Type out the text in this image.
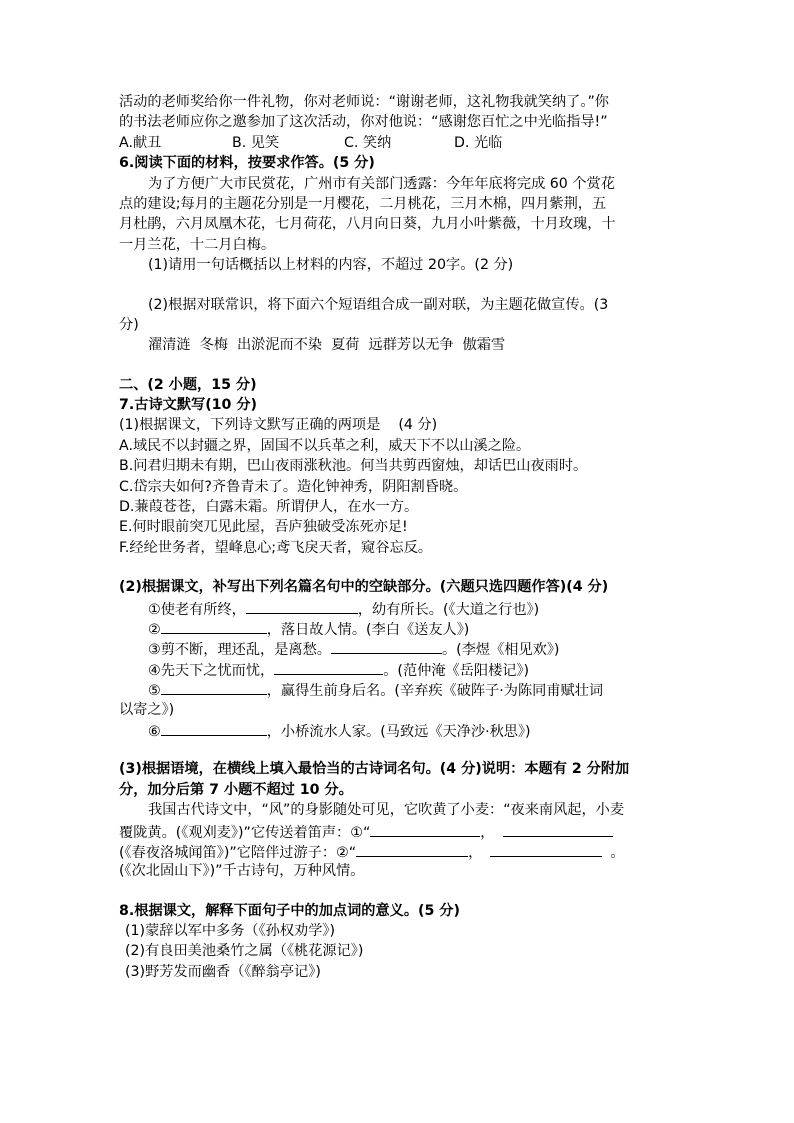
活动的老师奖给你一件礼物，你对老师说：“谢谢老师，这礼物我就笑纳了。”你
的书法老师应你之邀参加了这次活动，你对他说：“感谢您百忙之中光临指导!”
A.献丑	B. 见笑	C. 笑纳	D. 光临
6.阅读下面的材料，按要求作答。(5 分)
为了方便广大市民赏花，广州市有关部门透露：今年年底将完成 60 个赏花
点的建设;每月的主题花分别是一月樱花，二月桃花，三月木棉，四月紫荆，五
月杜鹃，六月凤凰木花，七月荷花，八月向日葵，九月小叶紫薇，十月玫瑰，十
一月兰花，十二月白梅。
(1)请用一句话概括以上材料的内容，不超过 20字。(2 分)
(2)根据对联常识，将下面六个短语组合成一副对联，为主题花做宣传。(3
分)
濯清涟  冬梅  出淤泥而不染  夏荷  远群芳以无争  傲霜雪
二、(2 小题，15 分)
7.古诗文默写(10 分)
(1)根据课文，下列诗文默写正确的两项是    (4 分)
A.域民不以封疆之界，固国不以兵革之利，威天下不以山溪之险。
B.问君归期未有期，巴山夜雨涨秋池。何当共剪西窗烛，却话巴山夜雨时。
C.岱宗夫如何?齐鲁青未了。造化钟神秀，阴阳割昏晓。
D.蒹葭苍苍，白露未霜。所谓伊人，在水一方。
E.何时眼前突兀见此屋，吾庐独破受冻死亦足!
F.经纶世务者，望峰息心;鸢飞戾天者，窥谷忘反。
(2)根据课文，补写出下列名篇名句中的空缺部分。(六题只选四题作答)(4 分)
①使老有所终，	，幼有所长。(《大道之行也》)
②	，落日故人情。(李白《送友人》)
③剪不断，理还乱，是离愁。	。(李煜《相见欢》)
④先天下之忧而忧，	。(范仲淹《岳阳楼记》)
⑤	，赢得生前身后名。(辛弃疾《破阵子·为陈同甫赋壮词
以寄之》)
⑥	，小桥流水人家。(马致远《天净沙·秋思》)
(3)根据语境，在横线上填入最恰当的古诗词名句。(4 分)说明：本题有 2 分附加
分，加分后第 7 小题不超过 10 分。
我国古代诗文中，“风”的身影随处可见，它吹黄了小麦：“夜来南风起，小麦
覆陇黄。(《观刈麦》)”它传送着笛声：①“	，
(《春夜洛城闻笛》)”它陪伴过游子：②“	，	。
(《次北固山下》)”千古诗句，万种风情。
8.根据课文，解释下面句子中的加点词的意义。(5 分)
(1)蒙辞以军中多务（《孙权劝学》)
(2)有良田美池桑竹之属（《桃花源记》)
(3)野芳发而幽香（《醉翁亭记》)
